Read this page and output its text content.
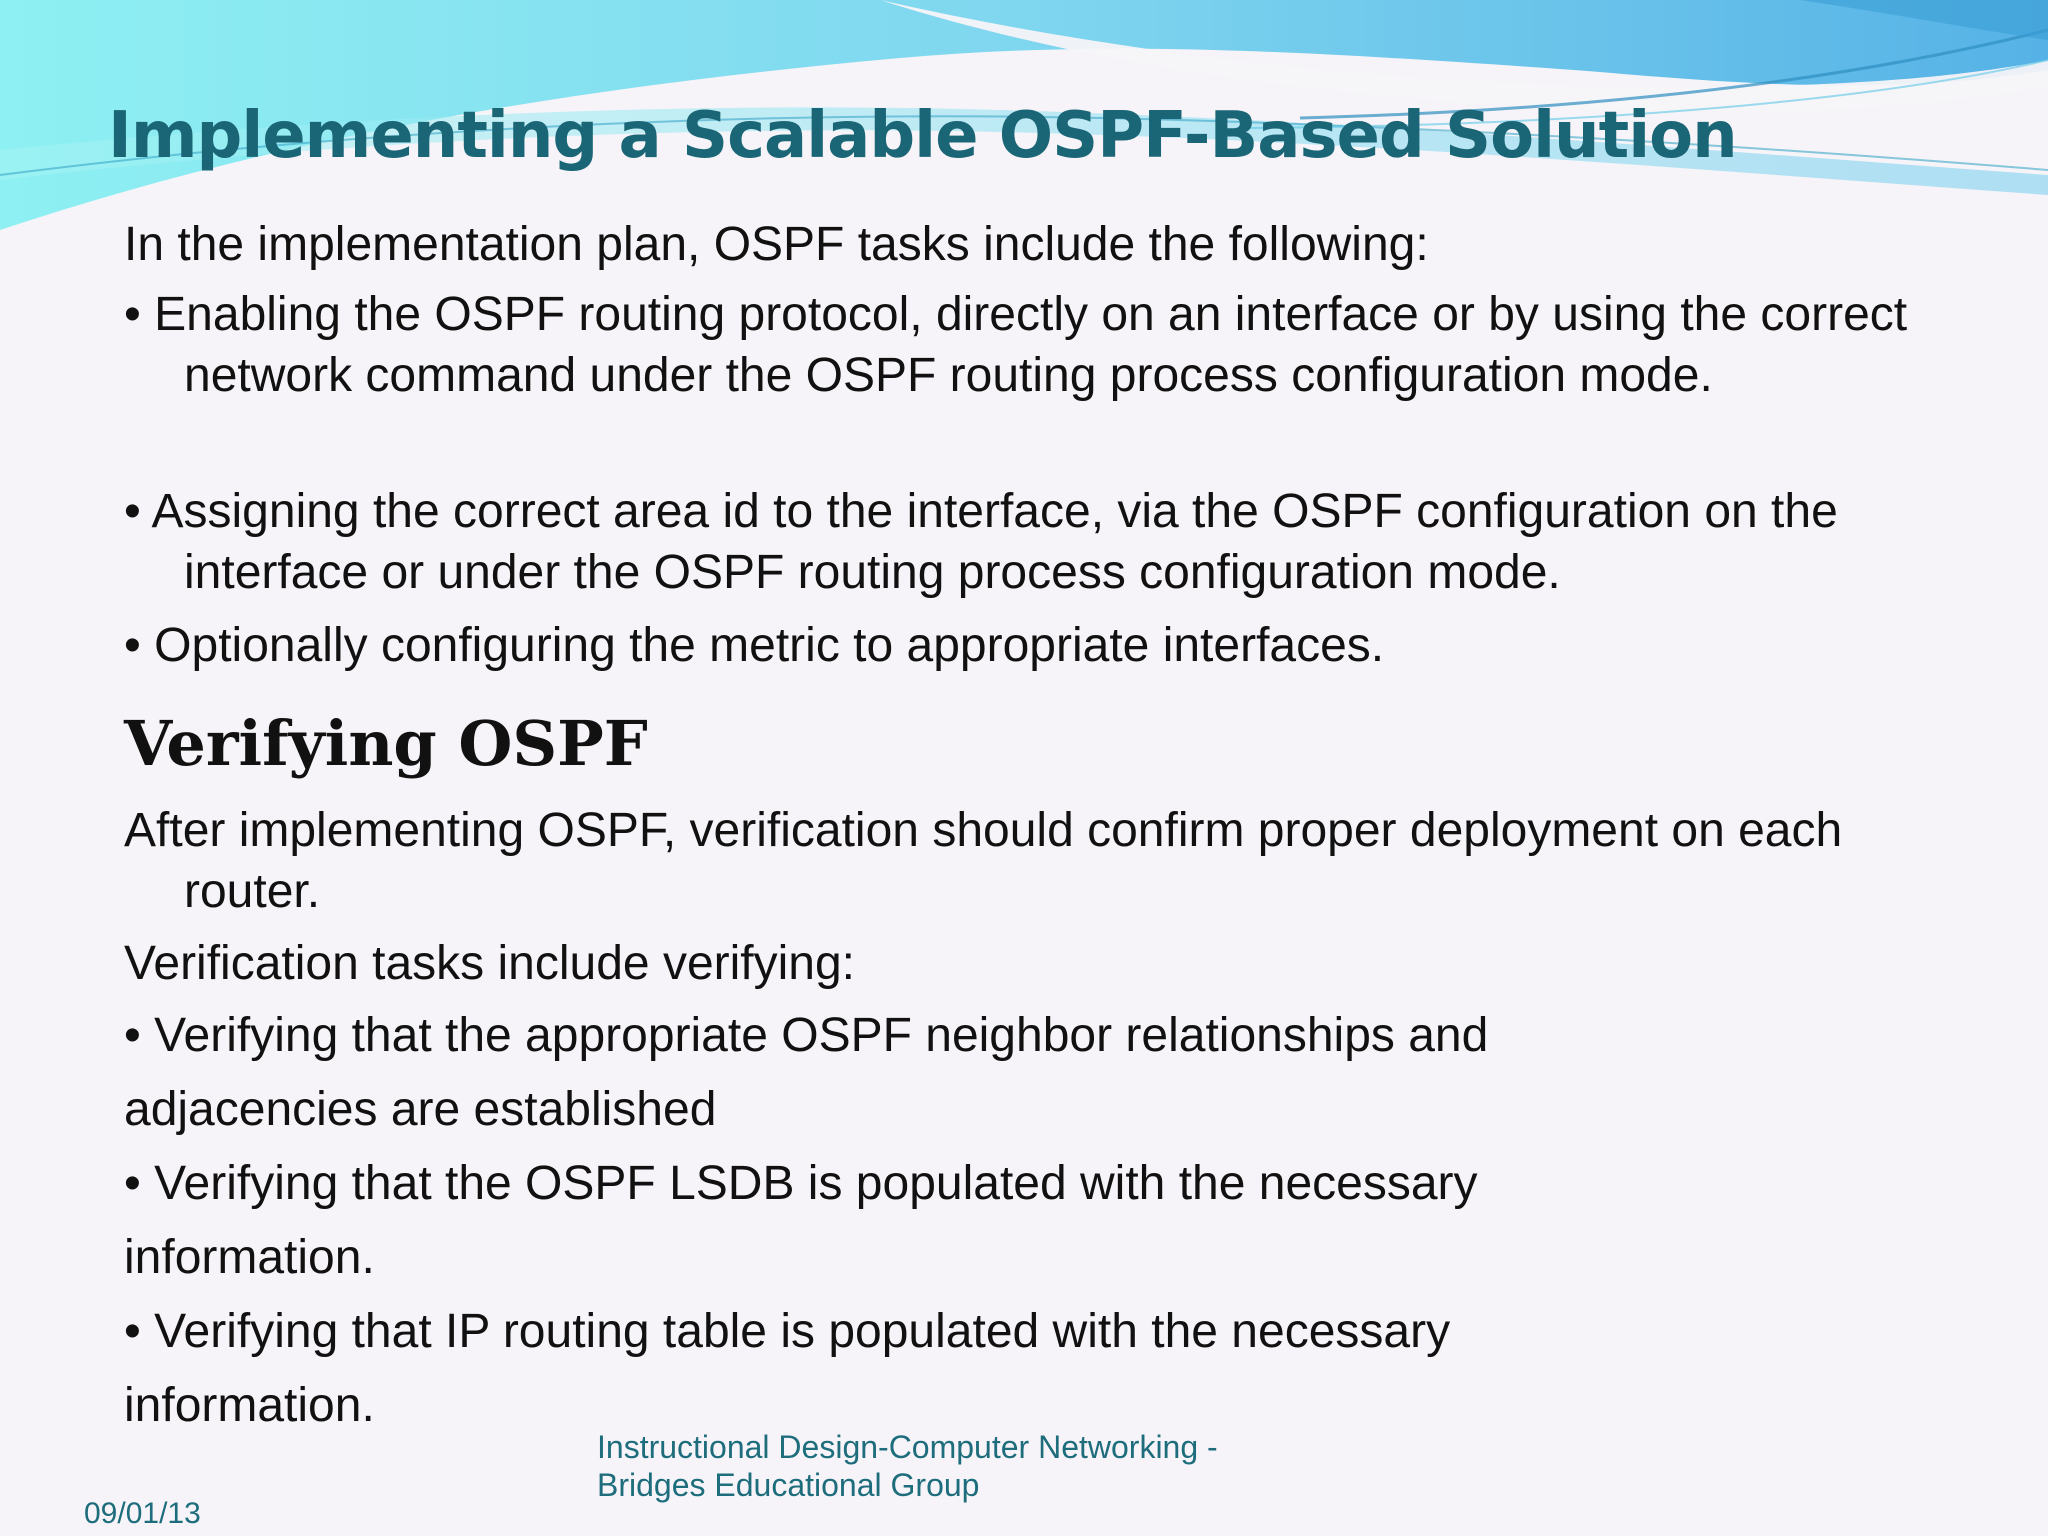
Implementing a Scalable OSPF-Based Solution

In the implementation plan, OSPF tasks include the following:

• Enabling the OSPF routing protocol, directly on an interface or by using the correct network command under the OSPF routing process configuration mode.

• Assigning the correct area id to the interface, via the OSPF configuration on the interface or under the OSPF routing process configuration mode.

• Optionally configuring the metric to appropriate interfaces.

Verifying OSPF

After implementing OSPF, verification should confirm proper deployment on each router.

Verification tasks include verifying:

• Verifying that the appropriate OSPF neighbor relationships and

adjacencies are established

• Verifying that the OSPF LSDB is populated with the necessary

information.

• Verifying that IP routing table is populated with the necessary

information.

Instructional Design-Computer Networking -
Bridges Educational Group
09/01/13
